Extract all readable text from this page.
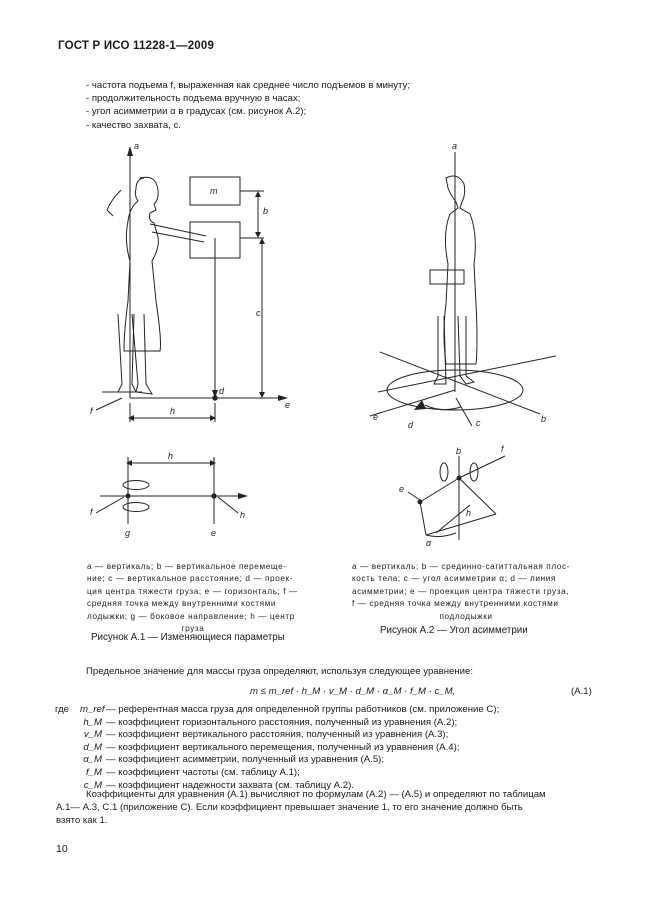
ГОСТ Р ИСО 11228-1—2009
- частота подъема f, выраженная как среднее число подъемов в минуту;
- продолжительность подъема вручную в часах;
- угол асимметрии α в градусах (см. рисунок А.2);
- качество захвата, c.
a
m
b
c
d
e
f	h
h
f
g	e
h
a
b
c
d
e
b	f
e
h
α
a — вертикаль; b — вертикальное перемеще-
ние; c — вертикальное расстояние; d — проек-
ция центра тяжести груза; e — горизонталь; f —
средняя точка между внутренними костями
лодыжки; g — боковое направление; h — центр
груза
Рисунок А.1 — Изменяющиеся параметры
a — вертикаль; b — срединно-сагиттальная плос-
кость тела; c — угол асимметрии α; d — линия
асимметрии; e — проекция центра тяжести груза,
f — средняя точка между внутренними костями
подлодыжки
Рисунок А.2 — Угол асимметрии
Предельное значение для массы груза определяют, используя следующее уравнение:
m ≤ m_ref · h_M · v_M · d_M · α_M · f_M · c_M,	(A.1)
где	m_ref — референтная масса груза для определенной группы работников (см. приложение С);
h_M — коэффициент горизонтального расстояния, полученный из уравнения (А.2);
v_M — коэффициент вертикального расстояния, полученный из уравнения (А.3);
d_M — коэффициент вертикального перемещения, полученный из уравнения (А.4);
α_M — коэффициент асимметрии, полученный из уравнения (А.5);
f_M — коэффициент частоты (см. таблицу А.1);
c_M — коэффициент надежности захвата (см. таблицу А.2).
Коэффициенты для уравнения (А.1) вычисляют по формулам (А.2) — (А.5) и определяют по таблицам
А.1— А.3, С.1 (приложение С). Если коэффициент превышает значение 1, то его значение должно быть
взято как 1.
10
